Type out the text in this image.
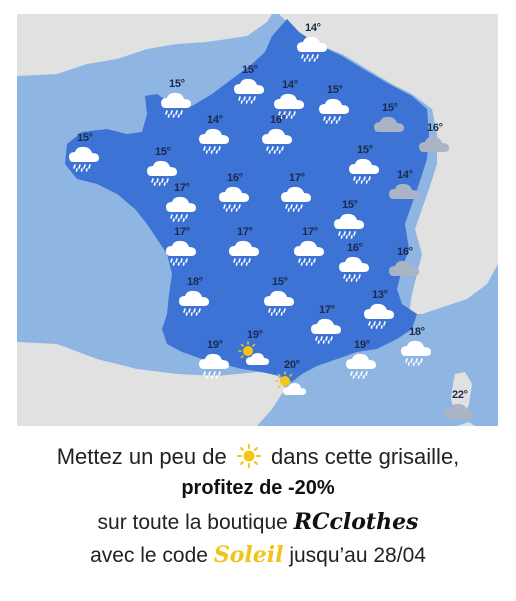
14°
15°	14°	15°
15°
14°	16°
15°
16°
15°
15°	15°
17°
16°	17°
15°
14°
17°	17°	17°
16°	16°
18°	15°
13°
17°
18°
19°
19°
19°
20°
22°
Mettez un peu de dans cette grisaille,
profitez de -20%
sur toute la boutique RCclothes
avec le code Soleil jusqu’au 28/04
